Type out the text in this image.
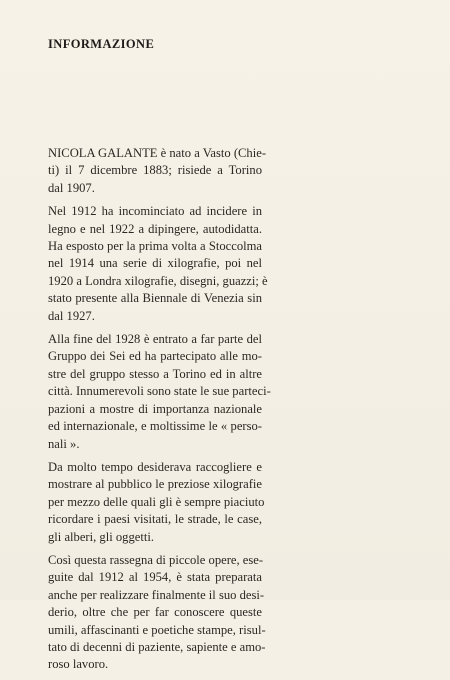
INFORMAZIONE

NICOLA GALANTE è nato a Vasto (Chie-
ti) il 7 dicembre 1883; risiede a Torino
dal 1907.

Nel 1912 ha incominciato ad incidere in
legno e nel 1922 a dipingere, autodidatta.
Ha esposto per la prima volta a Stoccolma
nel 1914 una serie di xilografie, poi nel
1920 a Londra xilografie, disegni, guazzi; è
stato presente alla Biennale di Venezia sin
dal 1927.

Alla fine del 1928 è entrato a far parte del
Gruppo dei Sei ed ha partecipato alle mo-
stre del gruppo stesso a Torino ed in altre
città. Innumerevoli sono state le sue parteci-
pazioni a mostre di importanza nazionale
ed internazionale, e moltissime le « perso-
nali ».

Da molto tempo desiderava raccogliere e
mostrare al pubblico le preziose xilografie
per mezzo delle quali gli è sempre piaciuto
ricordare i paesi visitati, le strade, le case,
gli alberi, gli oggetti.

Così questa rassegna di piccole opere, ese-
guite dal 1912 al 1954, è stata preparata
anche per realizzare finalmente il suo desi-
derio, oltre che per far conoscere queste
umili, affascinanti e poetiche stampe, risul-
tato di decenni di paziente, sapiente e amo-
roso lavoro.
